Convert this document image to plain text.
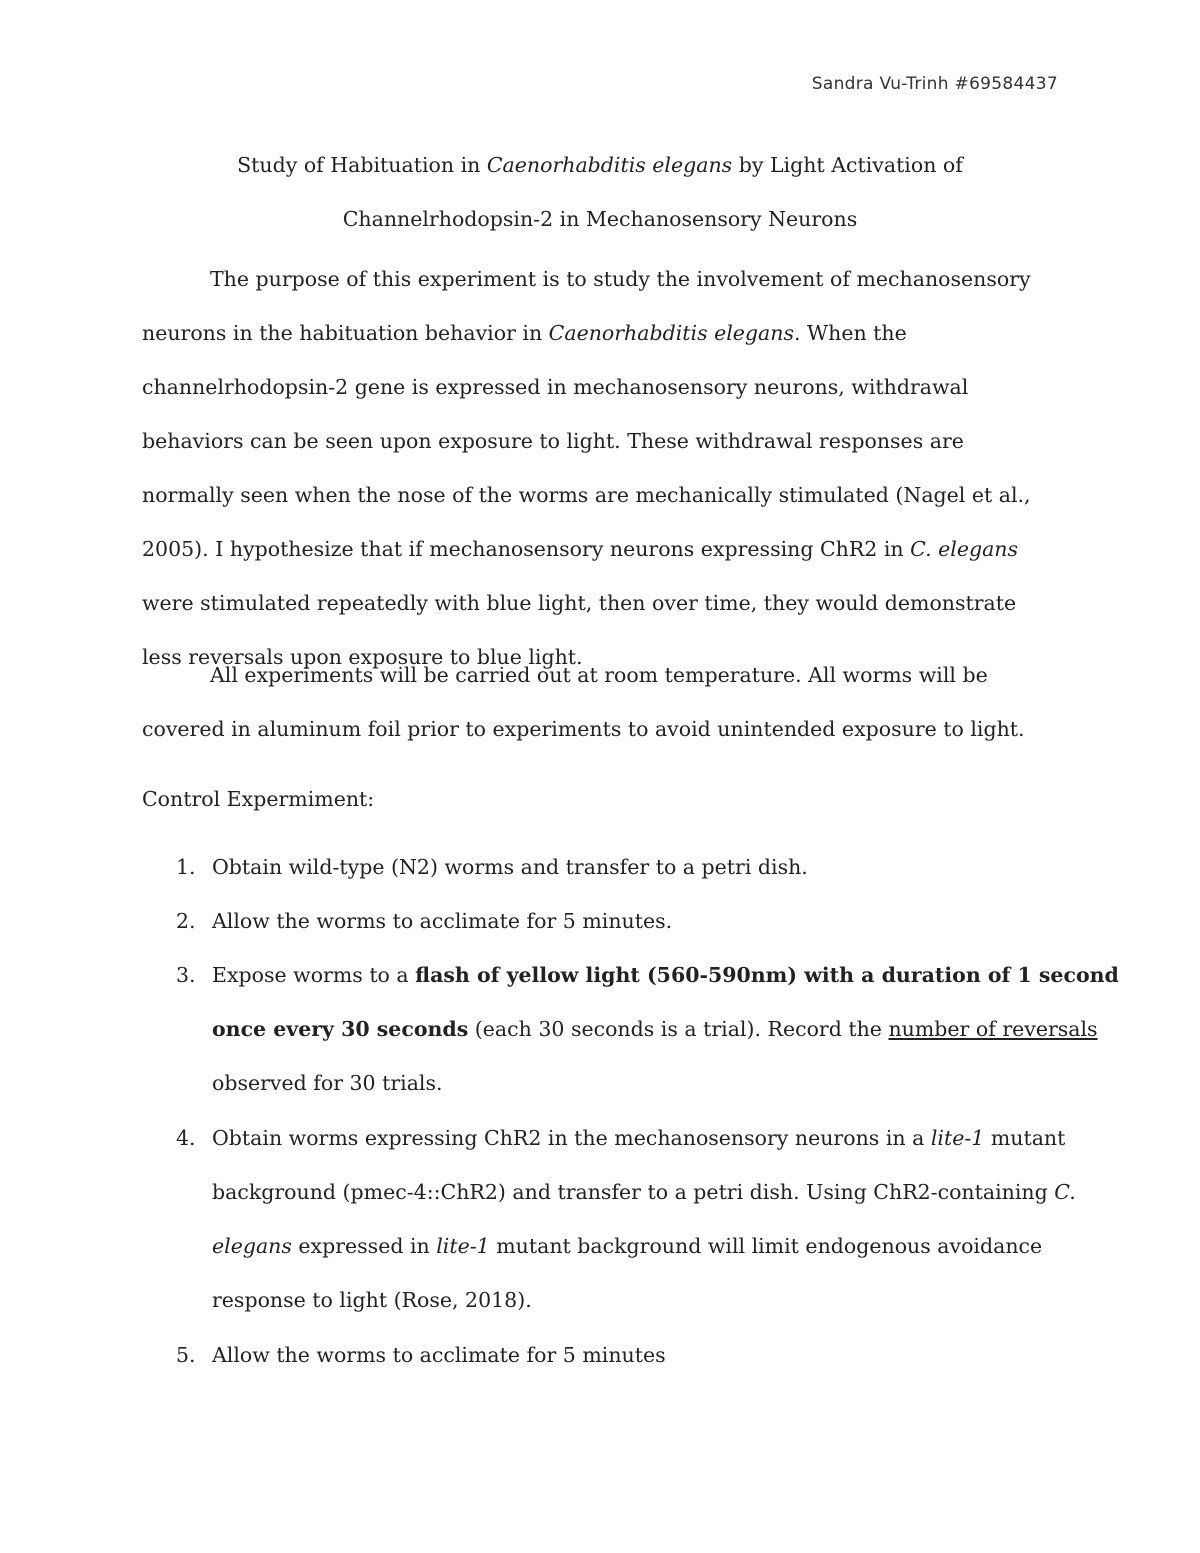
Sandra Vu-Trinh #69584437
Study of Habituation in Caenorhabditis elegans by Light Activation of Channelrhodopsin-2 in Mechanosensory Neurons

The purpose of this experiment is to study the involvement of mechanosensory neurons in the habituation behavior in Caenorhabditis elegans. When the channelrhodopsin-2 gene is expressed in mechanosensory neurons, withdrawal behaviors can be seen upon exposure to light. These withdrawal responses are normally seen when the nose of the worms are mechanically stimulated (Nagel et al., 2005). I hypothesize that if mechanosensory neurons expressing ChR2 in C. elegans were stimulated repeatedly with blue light, then over time, they would demonstrate less reversals upon exposure to blue light.

All experiments will be carried out at room temperature. All worms will be covered in aluminum foil prior to experiments to avoid unintended exposure to light.

Control Expermiment:

1. Obtain wild-type (N2) worms and transfer to a petri dish.
2. Allow the worms to acclimate for 5 minutes.
3. Expose worms to a flash of yellow light (560-590nm) with a duration of 1 second once every 30 seconds (each 30 seconds is a trial). Record the number of reversals observed for 30 trials.
4. Obtain worms expressing ChR2 in the mechanosensory neurons in a lite-1 mutant background (pmec-4::ChR2) and transfer to a petri dish. Using ChR2-containing C. elegans expressed in lite-1 mutant background will limit endogenous avoidance response to light (Rose, 2018).
5. Allow the worms to acclimate for 5 minutes
